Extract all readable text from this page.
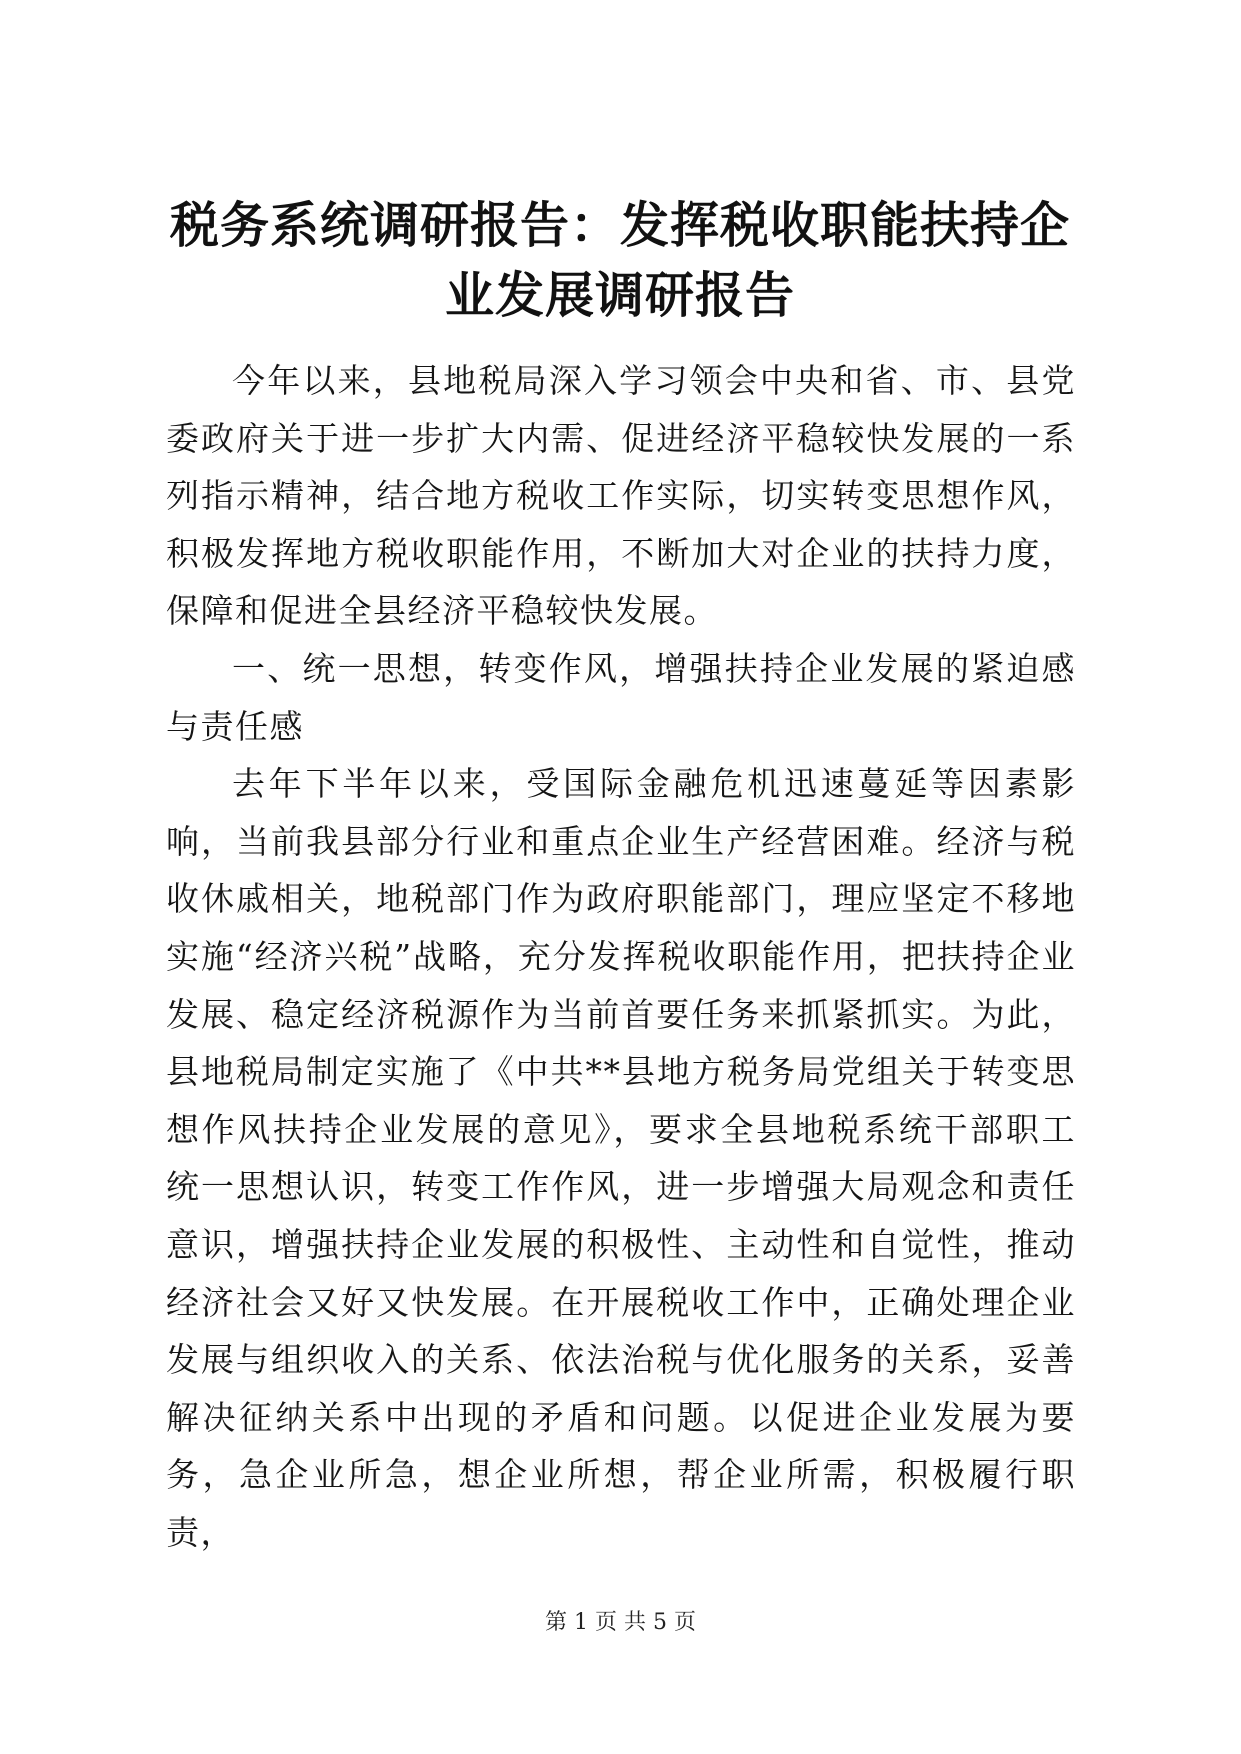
税务系统调研报告：发挥税收职能扶持企业发展调研报告

今年以来，县地税局深入学习领会中央和省、市、县党委政府关于进一步扩大内需、促进经济平稳较快发展的一系列指示精神，结合地方税收工作实际，切实转变思想作风，积极发挥地方税收职能作用，不断加大对企业的扶持力度，保障和促进全县经济平稳较快发展。

一、统一思想，转变作风，增强扶持企业发展的紧迫感与责任感

去年下半年以来，受国际金融危机迅速蔓延等因素影响，当前我县部分行业和重点企业生产经营困难。经济与税收休戚相关，地税部门作为政府职能部门，理应坚定不移地实施“经济兴税”战略，充分发挥税收职能作用，把扶持企业发展、稳定经济税源作为当前首要任务来抓紧抓实。为此，县地税局制定实施了《中共**县地方税务局党组关于转变思想作风扶持企业发展的意见》，要求全县地税系统干部职工统一思想认识，转变工作作风，进一步增强大局观念和责任意识，增强扶持企业发展的积极性、主动性和自觉性，推动经济社会又好又快发展。在开展税收工作中，正确处理企业发展与组织收入的关系、依法治税与优化服务的关系，妥善解决征纳关系中出现的矛盾和问题。以促进企业发展为要务，急企业所急，想企业所想，帮企业所需，积极履行职责，

第 1 页 共 5 页
